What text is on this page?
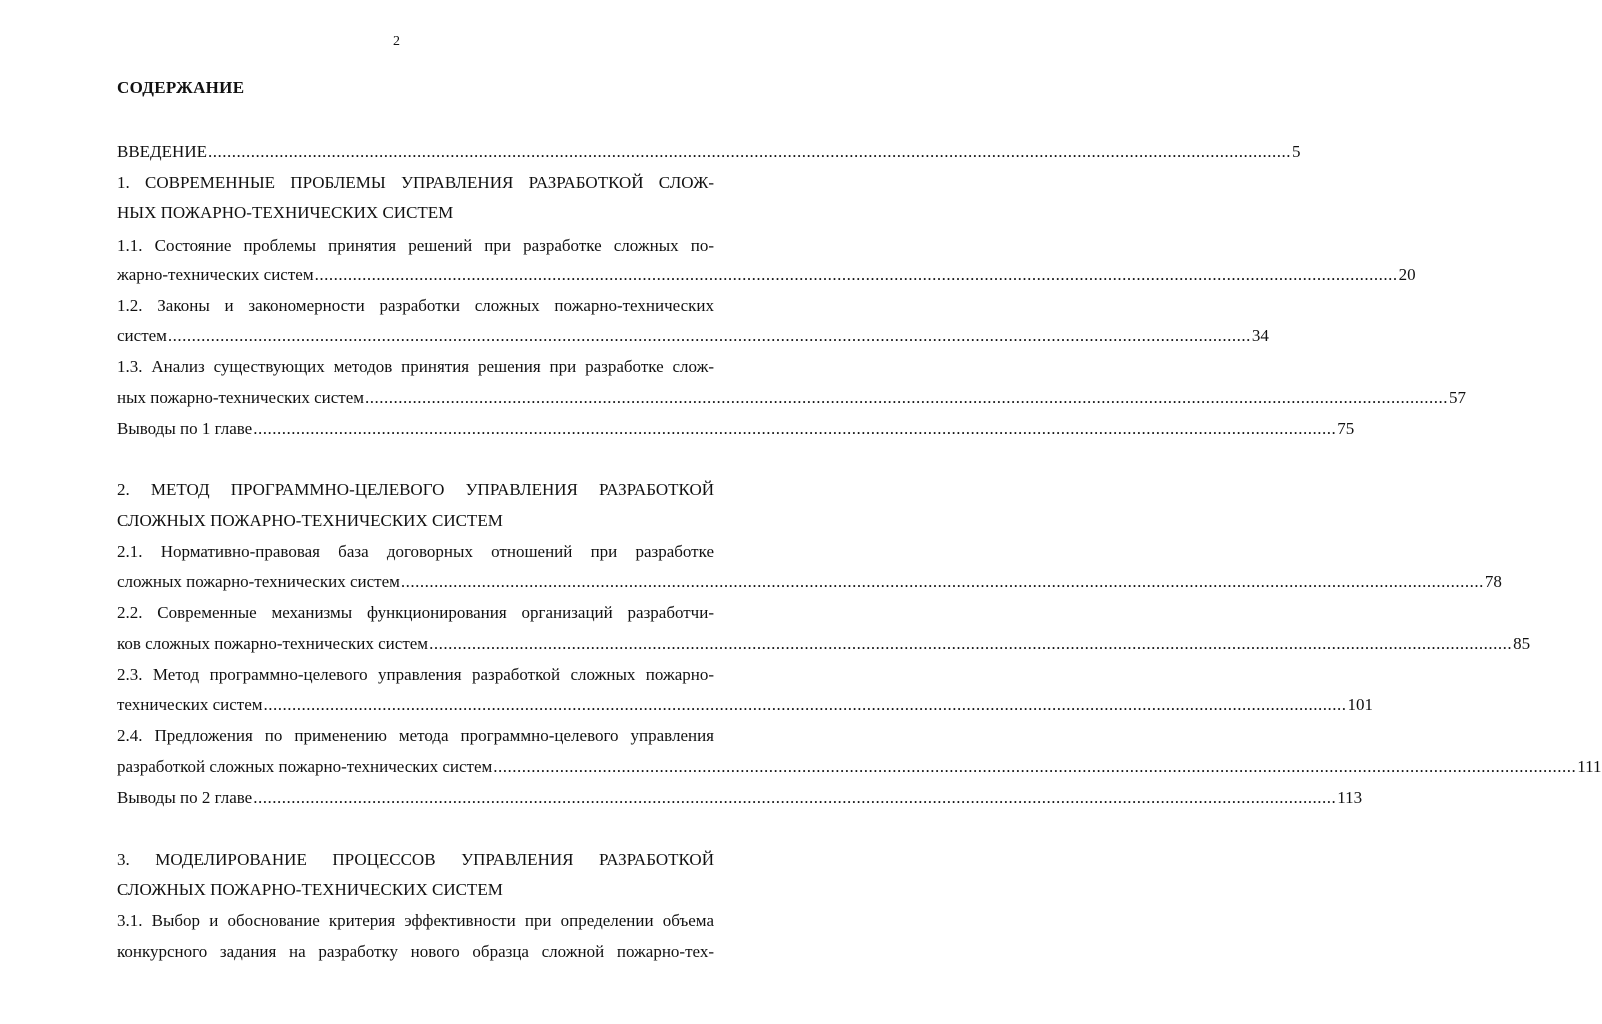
2
СОДЕРЖАНИЕ
ВВЕДЕНИЕ .................................................................................................................................................................................................................................... 5
1. СОВРЕМЕННЫЕ ПРОБЛЕМЫ УПРАВЛЕНИЯ РАЗРАБОТКОЙ СЛОЖ-
НЫХ ПОЖАРНО-ТЕХНИЧЕСКИХ СИСТЕМ
1.1. Состояние проблемы принятия решений при разработке сложных по-
жарно-технических систем .................................................................................................................................................................................................................................... 20
1.2. Законы и закономерности разработки сложных пожарно-технических
систем .................................................................................................................................................................................................................................... 34
1.3. Анализ существующих методов принятия решения при разработке слож-
ных пожарно-технических систем .................................................................................................................................................................................................................................... 57
Выводы по 1 главе .................................................................................................................................................................................................................................... 75
2. МЕТОД ПРОГРАММНО-ЦЕЛЕВОГО УПРАВЛЕНИЯ РАЗРАБОТКОЙ
СЛОЖНЫХ ПОЖАРНО-ТЕХНИЧЕСКИХ СИСТЕМ
2.1. Нормативно-правовая база договорных отношений при разработке
сложных пожарно-технических систем .................................................................................................................................................................................................................................... 78
2.2. Современные механизмы функционирования организаций разработчи-
ков сложных пожарно-технических систем .................................................................................................................................................................................................................................... 85
2.3. Метод программно-целевого управления разработкой сложных пожарно-
технических систем .................................................................................................................................................................................................................................... 101
2.4. Предложения по применению метода программно-целевого управления
разработкой сложных пожарно-технических систем .................................................................................................................................................................................................................................... 111
Выводы по 2 главе .................................................................................................................................................................................................................................... 113
3. МОДЕЛИРОВАНИЕ ПРОЦЕССОВ УПРАВЛЕНИЯ РАЗРАБОТКОЙ
СЛОЖНЫХ ПОЖАРНО-ТЕХНИЧЕСКИХ СИСТЕМ
3.1. Выбор и обоснование критерия эффективности при определении объема
конкурсного задания на разработку нового образца сложной пожарно-тех-
